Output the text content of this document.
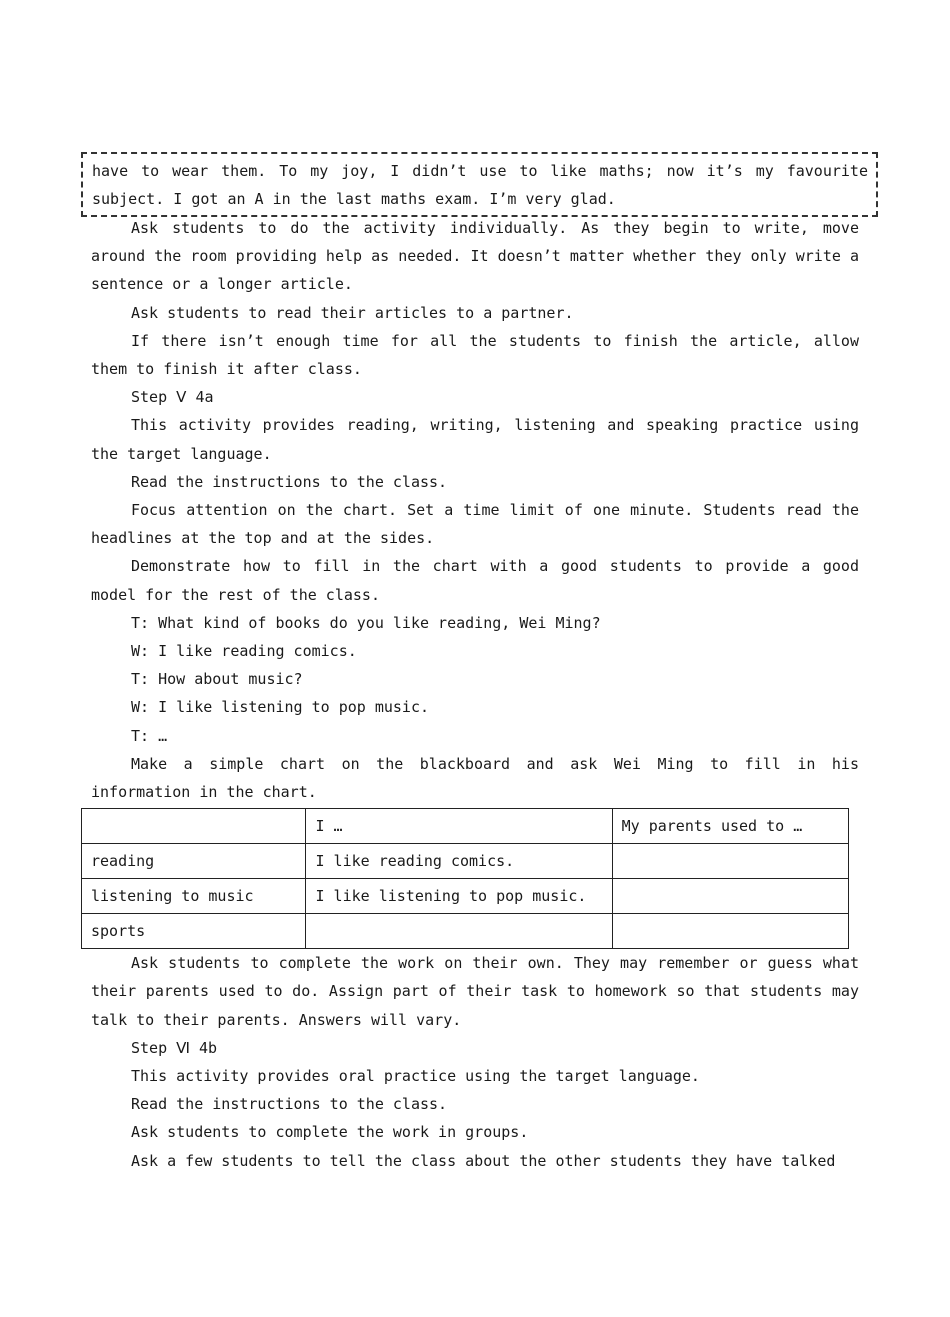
have to wear them. To my joy, I didn’t use to like maths; now it’s my favourite subject. I got an A in the last maths exam. I’m very glad.

Ask students to do the activity individually. As they begin to write, move around the room providing help as needed. It doesn’t matter whether they only write a sentence or a longer article.

Ask students to read their articles to a partner.

If there isn’t enough time for all the students to finish the article, allow them to finish it after class.

Step Ⅴ 4a

This activity provides reading, writing, listening and speaking practice using the target language.

Read the instructions to the class.

Focus attention on the chart. Set a time limit of one minute. Students read the headlines at the top and at the sides.

Demonstrate how to fill in the chart with a good students to provide a good model for the rest of the class.

T: What kind of books do you like reading, Wei Ming?

W: I like reading comics.

T: How about music?

W: I like listening to pop music.

T: …

Make a simple chart on the blackboard and ask Wei Ming to fill in his information in the chart.

	I …	My parents used to …
reading	I like reading comics.	
listening to music	I like listening to pop music.	
sports		

Ask students to complete the work on their own. They may remember or guess what their parents used to do. Assign part of their task to homework so that students may talk to their parents. Answers will vary.

Step Ⅵ 4b

This activity provides oral practice using the target language.

Read the instructions to the class.

Ask students to complete the work in groups.

Ask a few students to tell the class about the other students they have talked
